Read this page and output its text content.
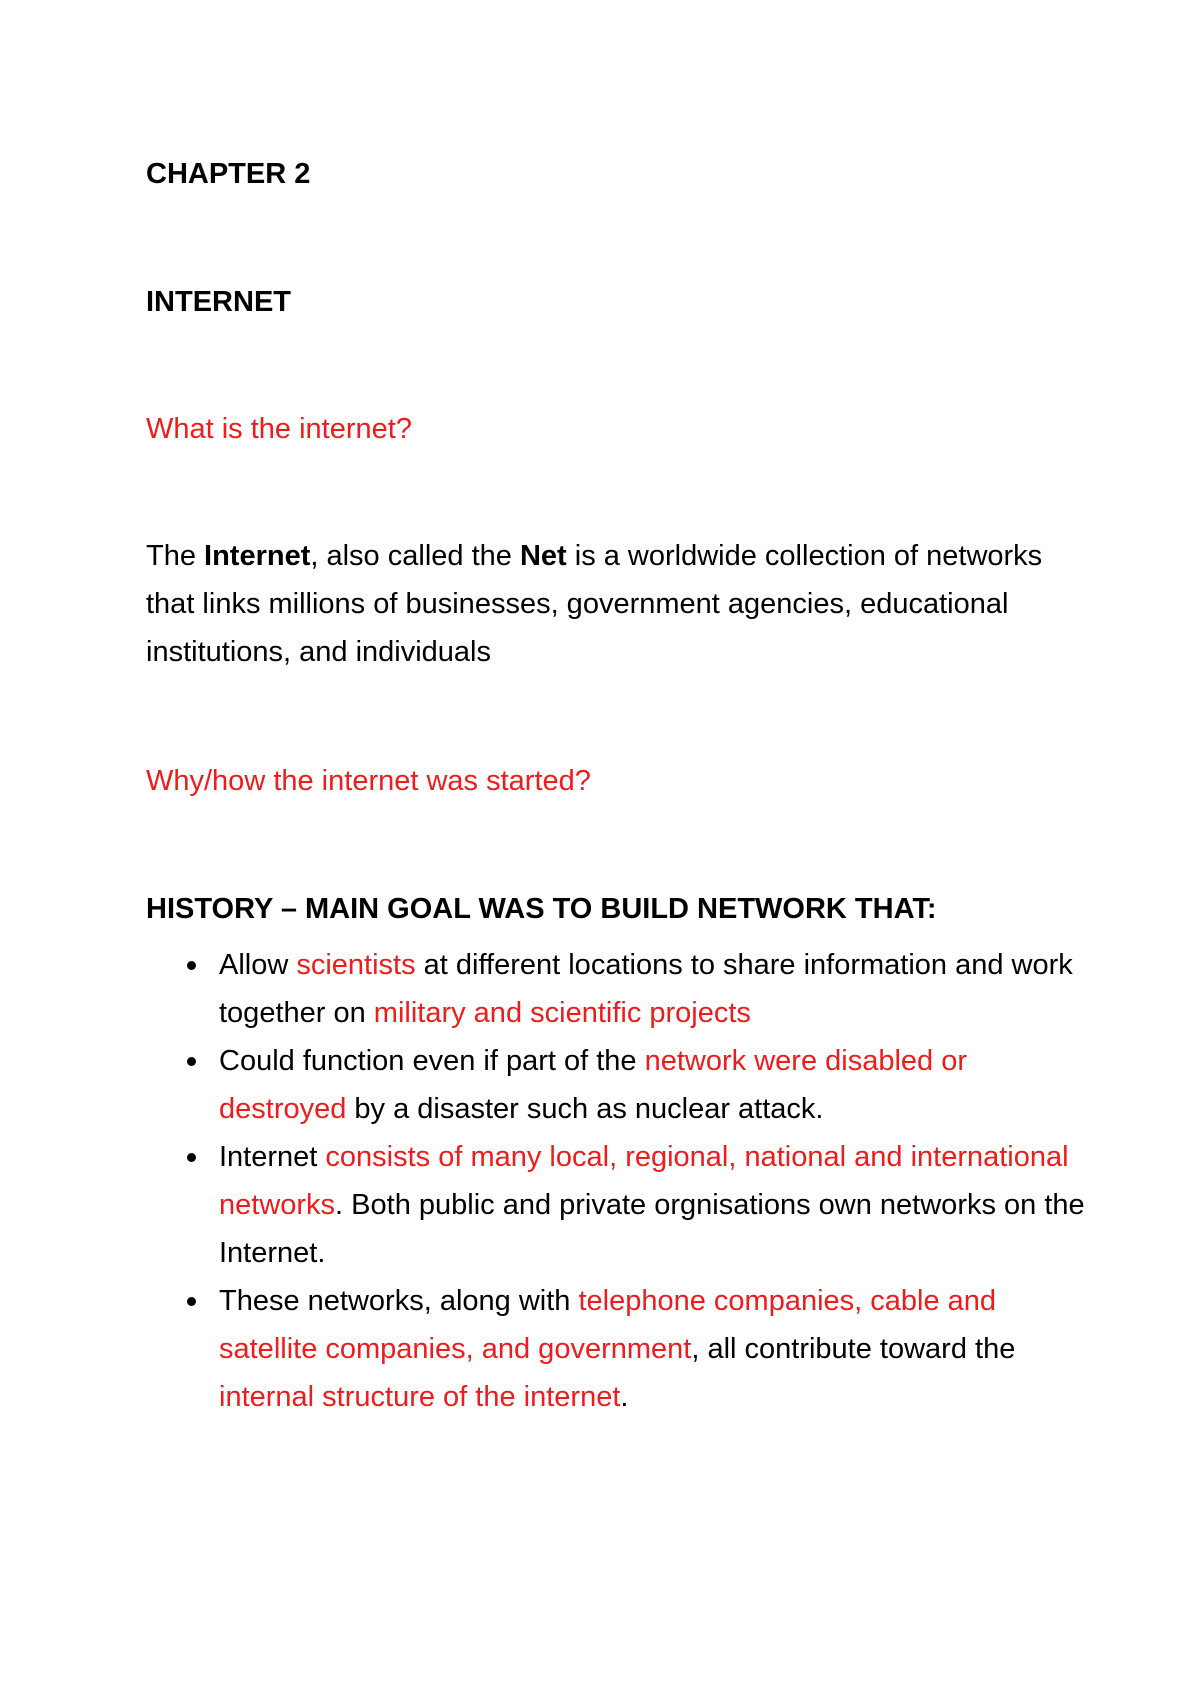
CHAPTER 2
INTERNET
What is the internet?
The Internet, also called the Net is a worldwide collection of networks that links millions of businesses, government agencies, educational institutions, and individuals
Why/how the internet was started?
HISTORY – MAIN GOAL WAS TO BUILD NETWORK THAT:
Allow scientists at different locations to share information and work together on military and scientific projects
Could function even if part of the network were disabled or destroyed by a disaster such as nuclear attack.
Internet consists of many local, regional, national and international networks. Both public and private orgnisations own networks on the Internet.
These networks, along with telephone companies, cable and satellite companies, and government, all contribute toward the internal structure of the internet.
